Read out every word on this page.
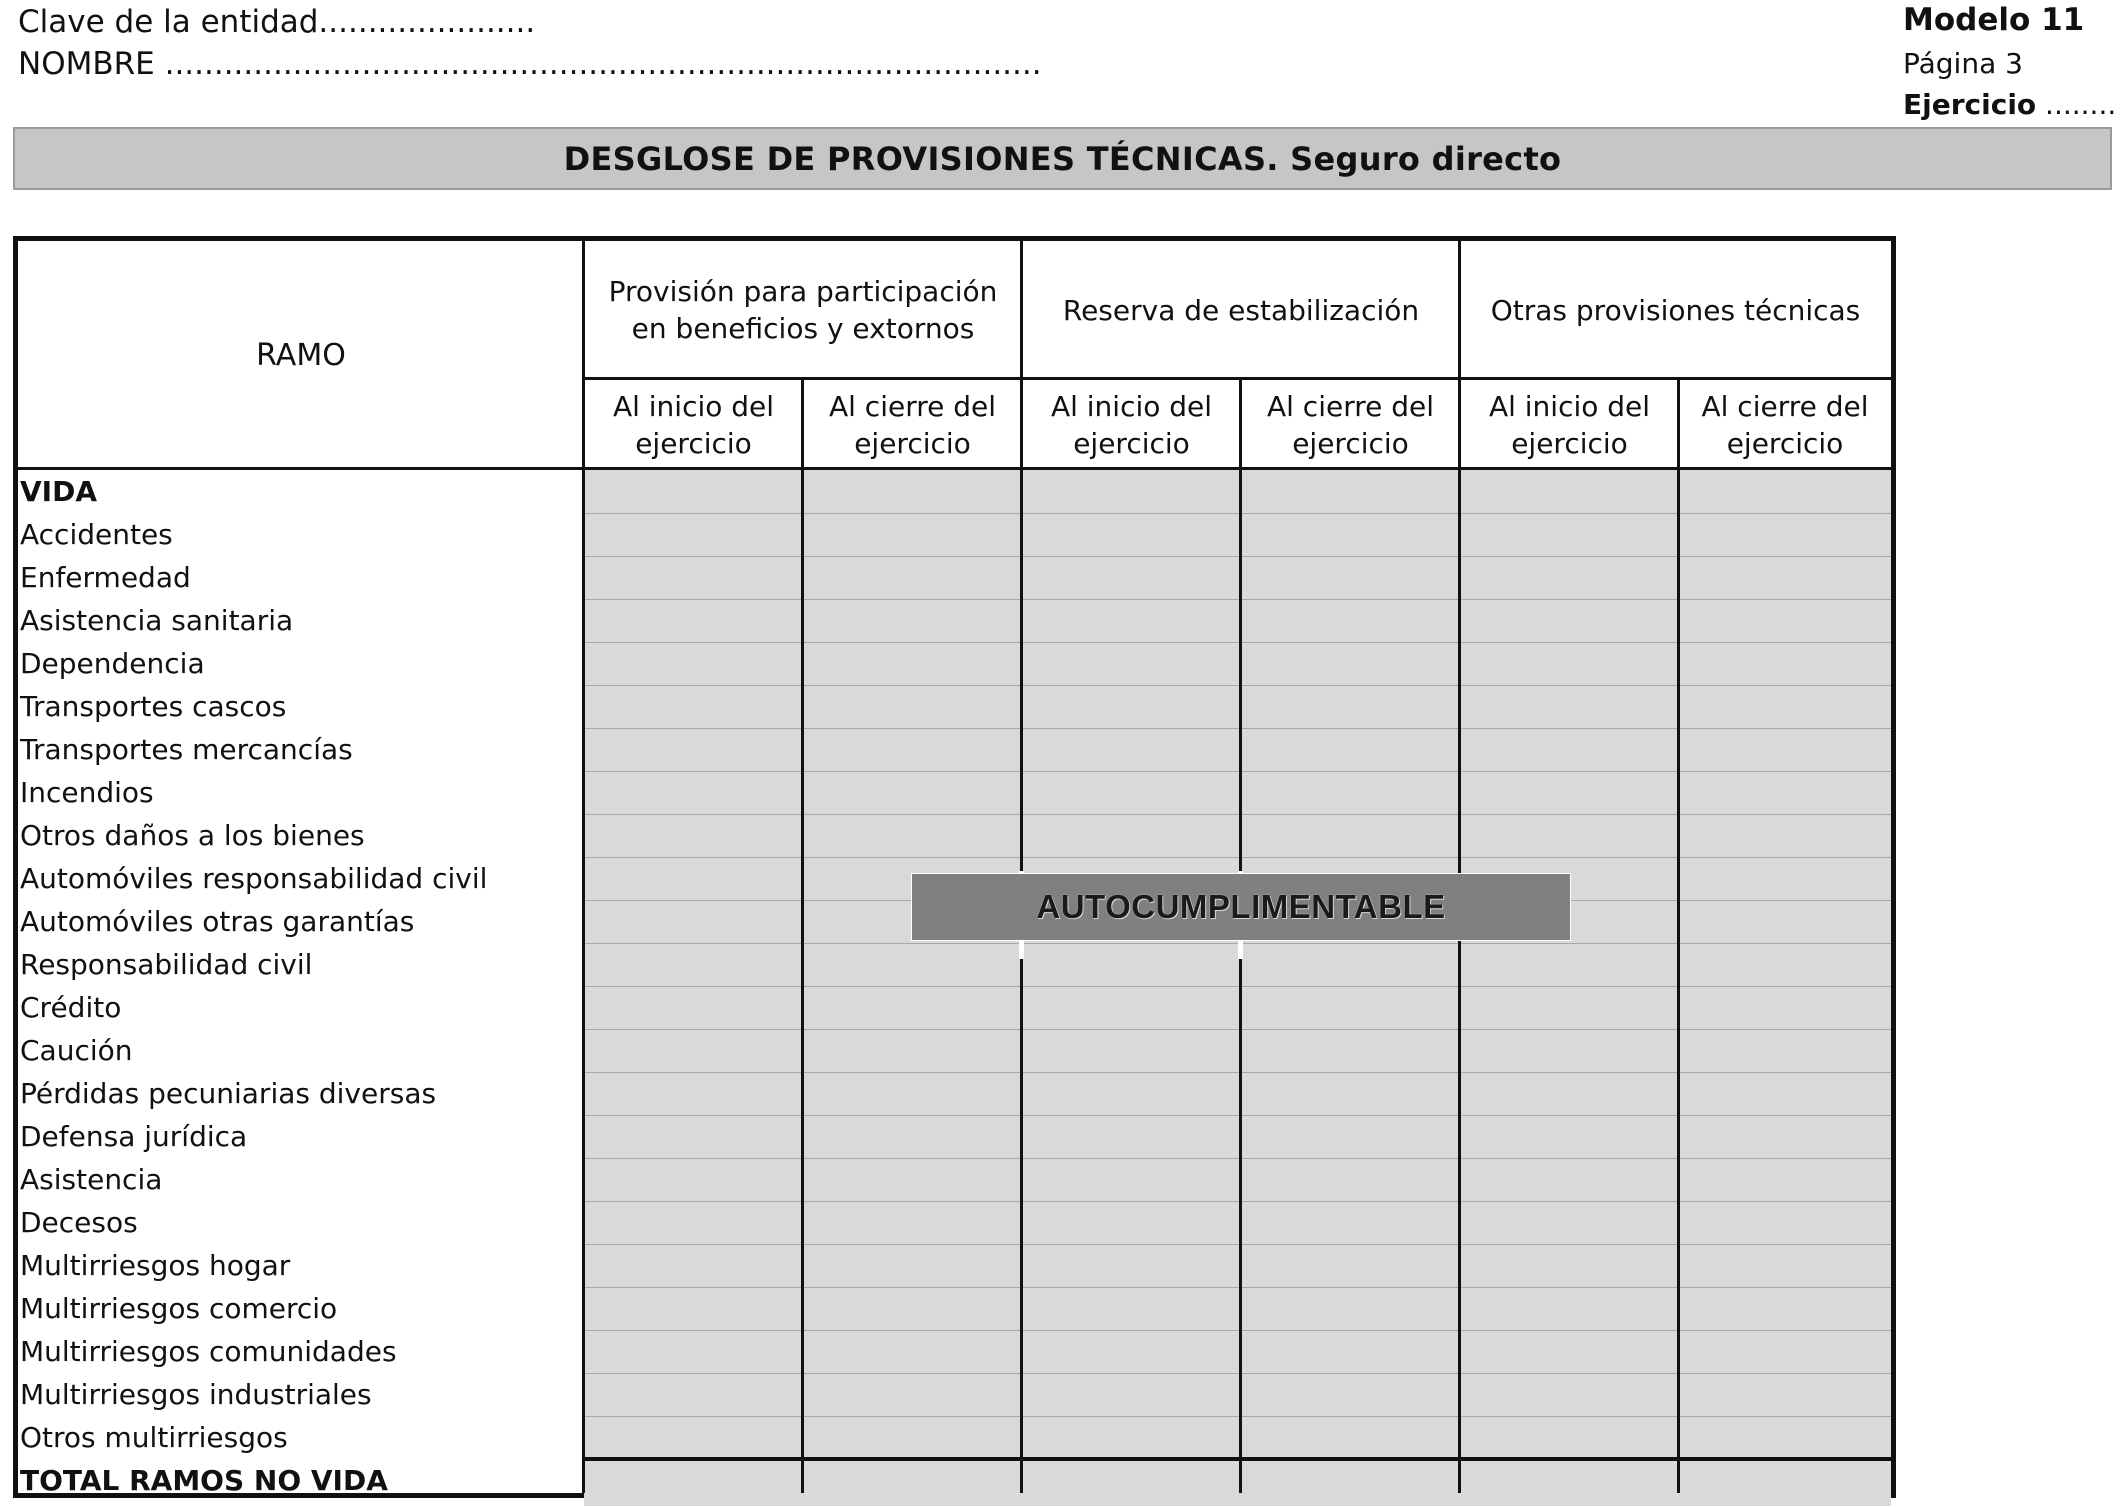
Clave de la entidad......................
NOMBRE .........................................................................................
Modelo 11
Página 3
Ejercicio ........
DESGLOSE DE PROVISIONES TÉCNICAS. Seguro directo
RAMO
Provisión para participación en beneficios y extornos
Reserva de estabilización	Otras provisiones técnicas
Al inicio del ejercicio
Al cierre del ejercicio
Al inicio del ejercicio
Al cierre del ejercicio
Al inicio del ejercicio
Al cierre del ejercicio
VIDA
Accidentes
Enfermedad
Asistencia sanitaria
Dependencia
Transportes cascos
Transportes mercancías
Incendios
Otros daños a los bienes
Automóviles responsabilidad civil
Automóviles otras garantías
Responsabilidad civil
Crédito
Caución
Pérdidas pecuniarias diversas
Defensa jurídica
Asistencia
Decesos
Multirriesgos hogar
Multirriesgos comercio
Multirriesgos comunidades
Multirriesgos industriales
Otros multirriesgos
TOTAL RAMOS NO VIDA
AUTOCUMPLIMENTABLE
